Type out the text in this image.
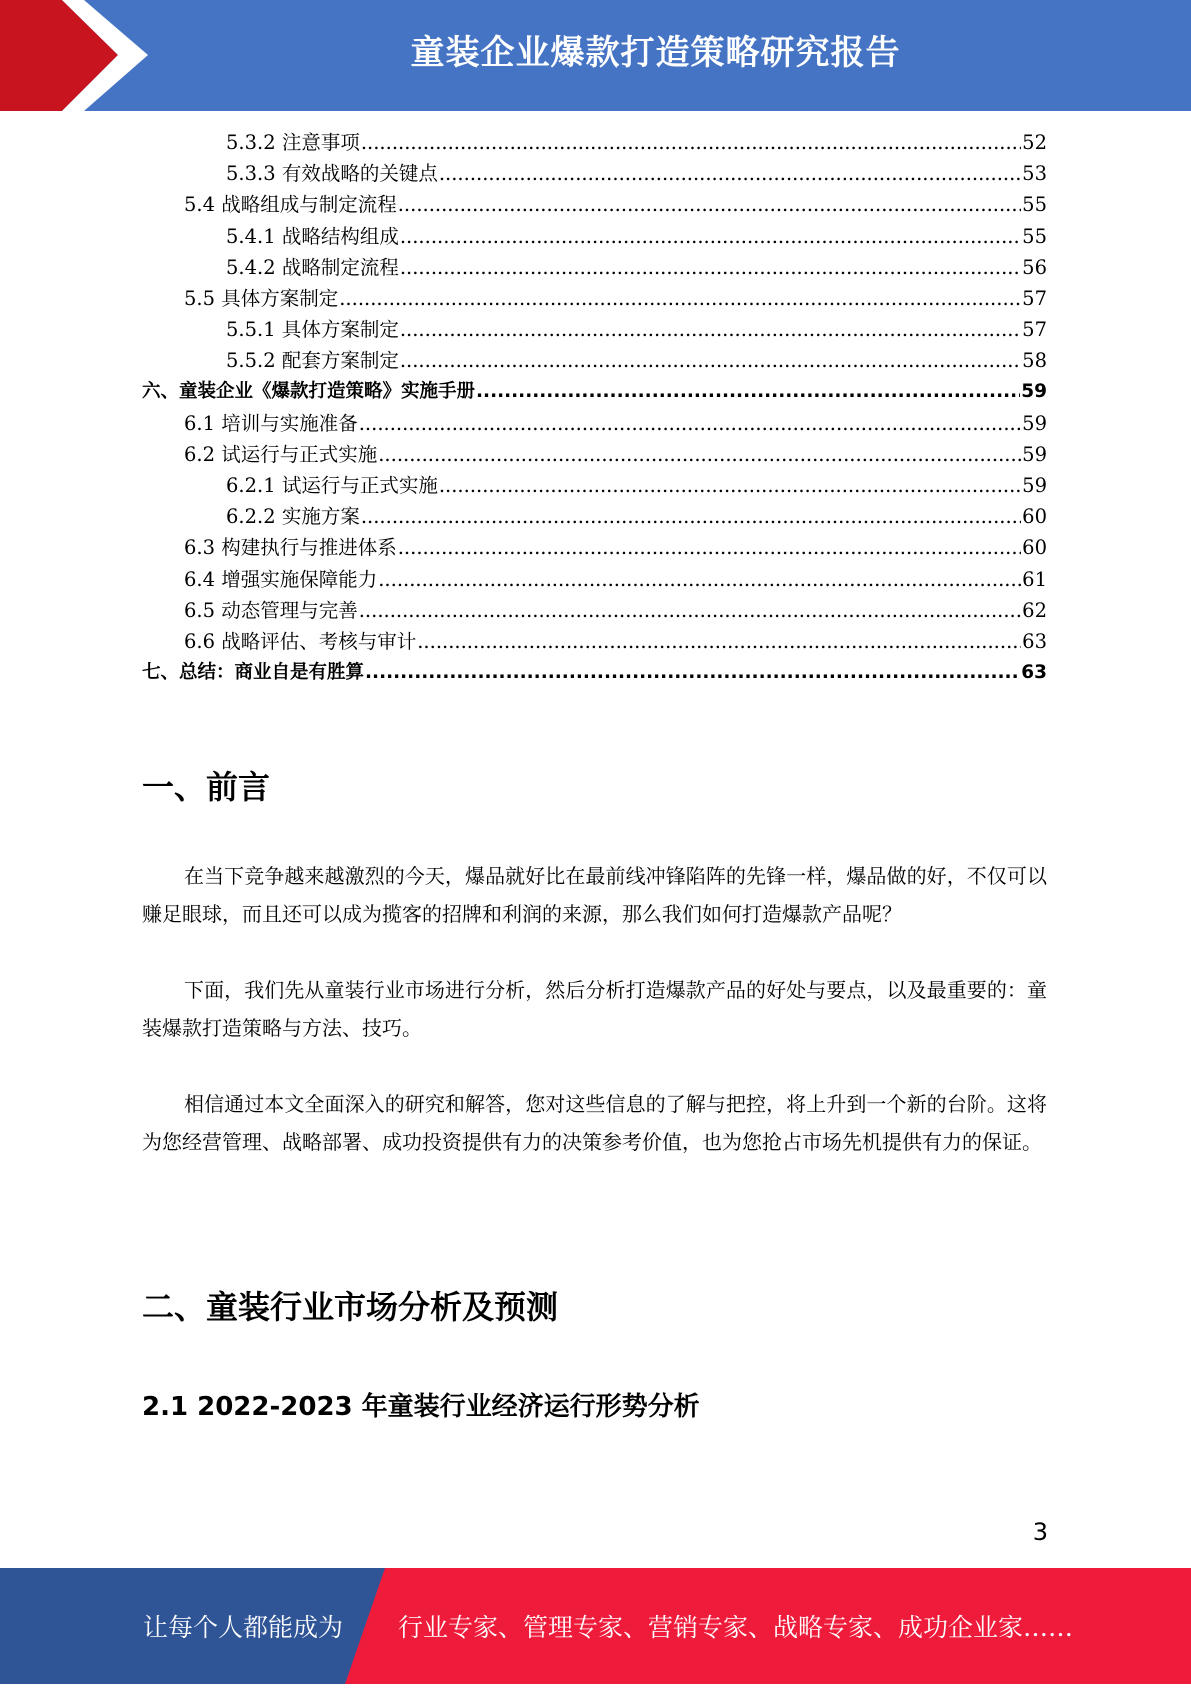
童装企业爆款打造策略研究报告
5.3.2 注意事项 .....	52
5.3.3 有效战略的关键点 .....	53
5.4 战略组成与制定流程 .....	55
5.4.1 战略结构组成 .....	55
5.4.2 战略制定流程 .....	56
5.5 具体方案制定 .....	57
5.5.1 具体方案制定 .....	57
5.5.2 配套方案制定 .....	58
六、童装企业《爆款打造策略》实施手册 .....	59
6.1 培训与实施准备 .....	59
6.2 试运行与正式实施 .....	59
6.2.1 试运行与正式实施 .....	59
6.2.2 实施方案 .....	60
6.3 构建执行与推进体系 .....	60
6.4 增强实施保障能力 .....	61
6.5 动态管理与完善 .....	62
6.6 战略评估、考核与审计 .....	63
七、总结：商业自是有胜算 .....	63
一、前言
在当下竞争越来越激烈的今天，爆品就好比在最前线冲锋陷阵的先锋一样，爆品做的好，不仅可以赚足眼球，而且还可以成为揽客的招牌和利润的来源，那么我们如何打造爆款产品呢？
下面，我们先从童装行业市场进行分析，然后分析打造爆款产品的好处与要点，以及最重要的：童装爆款打造策略与方法、技巧。
相信通过本文全面深入的研究和解答，您对这些信息的了解与把控，将上升到一个新的台阶。这将为您经营管理、战略部署、成功投资提供有力的决策参考价值，也为您抢占市场先机提供有力的保证。
二、童装行业市场分析及预测
2.1 2022-2023 年童装行业经济运行形势分析
3
让每个人都能成为 行业专家、管理专家、营销专家、战略专家、成功企业家……
